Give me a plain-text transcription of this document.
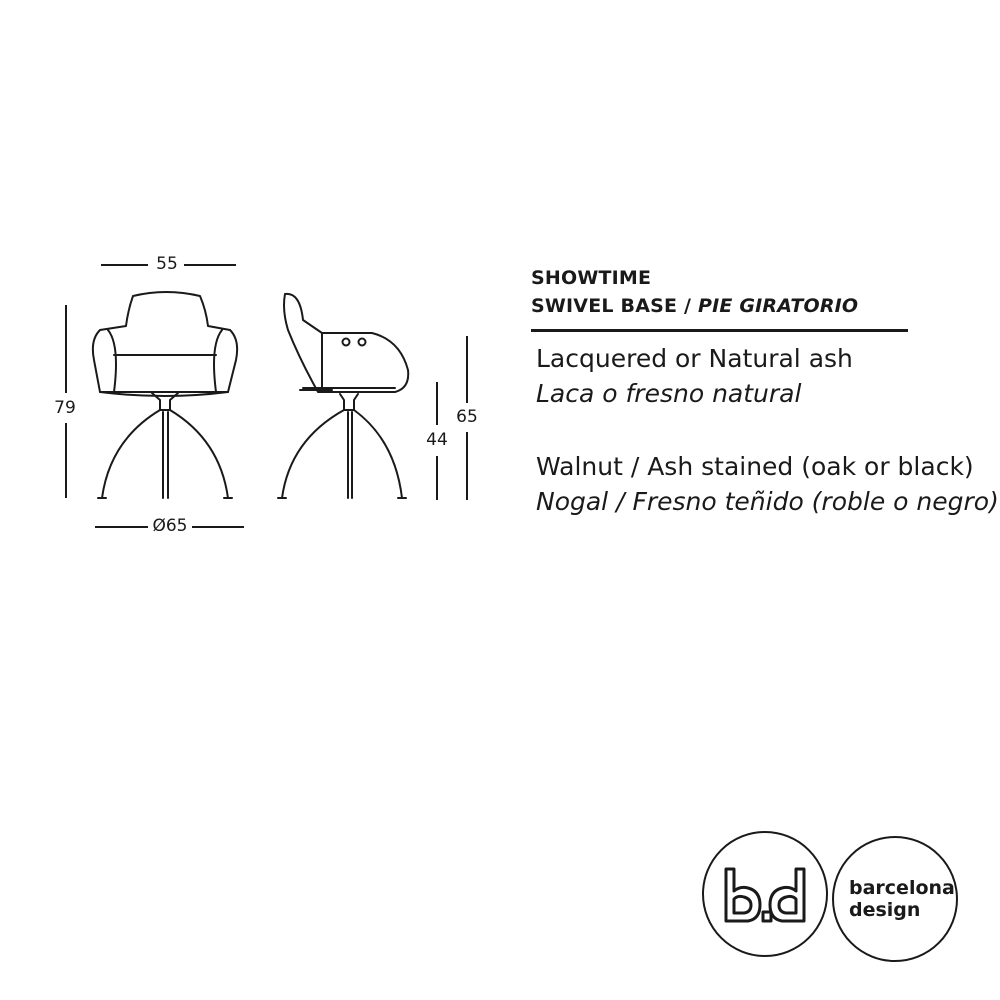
55
79
Ø65
44
65
SHOWTIME
SWIVEL BASE / PIE GIRATORIO
Lacquered or Natural ash
Laca o fresno natural
Walnut / Ash stained (oak or black)
Nogal / Fresno teñido (roble o negro)
barcelona
design
